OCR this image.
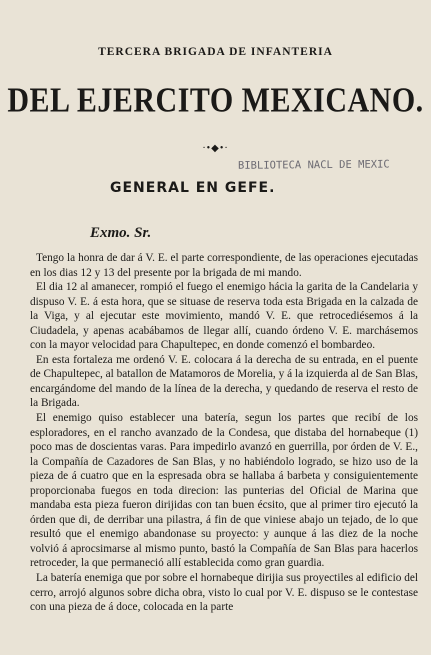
TERCERA BRIGADA DE INFANTERIA
DEL EJERCITO MEXICANO.
·•◆•·
BIBLIOTECA NACL DE MEXIC
GENERAL EN GEFE.
Exmo. Sr.

Tengo la honra de dar á V. E. el parte correspondiente, de las operaciones ejecutadas en los dias 12 y 13 del presente por la brigada de mi mando.

El dia 12 al amanecer, rompió el fuego el enemigo hácia la garita de la Candelaria y dispuso V. E. á esta hora, que se situase de reserva toda esta Brigada en la calzada de la Viga, y al ejecutar este movimiento, mandó V. E. que retrocediésemos á la Ciudadela, y apenas acabábamos de llegar allí, cuando órdeno V. E. marchásemos con la mayor velocidad para Chapultepec, en donde comenzó el bombardeo.

En esta fortaleza me ordenó V. E. colocara á la derecha de su entrada, en el puente de Chapultepec, al batallon de Matamoros de Morelia, y á la izquierda al de San Blas, encargándome del mando de la línea de la derecha, y quedando de reserva el resto de la Brigada.

El enemigo quiso establecer una batería, segun los partes que recibí de los esploradores, en el rancho avanzado de la Condesa, que distaba del hornabeque (1) poco mas de doscientas varas. Para impedirlo avanzó en guerrilla, por órden de V. E., la Compañía de Cazadores de San Blas, y no habiéndolo logrado, se hizo uso de la pieza de á cuatro que en la espresada obra se hallaba á barbeta y consiguientemente proporcionaba fuegos en toda direcion: las punterias del Oficial de Marina que mandaba esta pieza fueron dirijidas con tan buen écsito, que al primer tiro ejecutó la órden que di, de derribar una pilastra, á fin de que viniese abajo un tejado, de lo que resultó que el enemigo abandonase su proyecto: y aunque á las diez de la noche volvió á aprocsimarse al mismo punto, bastó la Compañía de San Blas para hacerlos retroceder, la que permaneció allí establecida como gran guardia.

La batería enemiga que por sobre el hornabeque dirijia sus proyectiles al edificio del cerro, arrojó algunos sobre dicha obra, visto lo cual por V. E. dispuso se le contestase con una pieza de á doce, colocada en la parte
